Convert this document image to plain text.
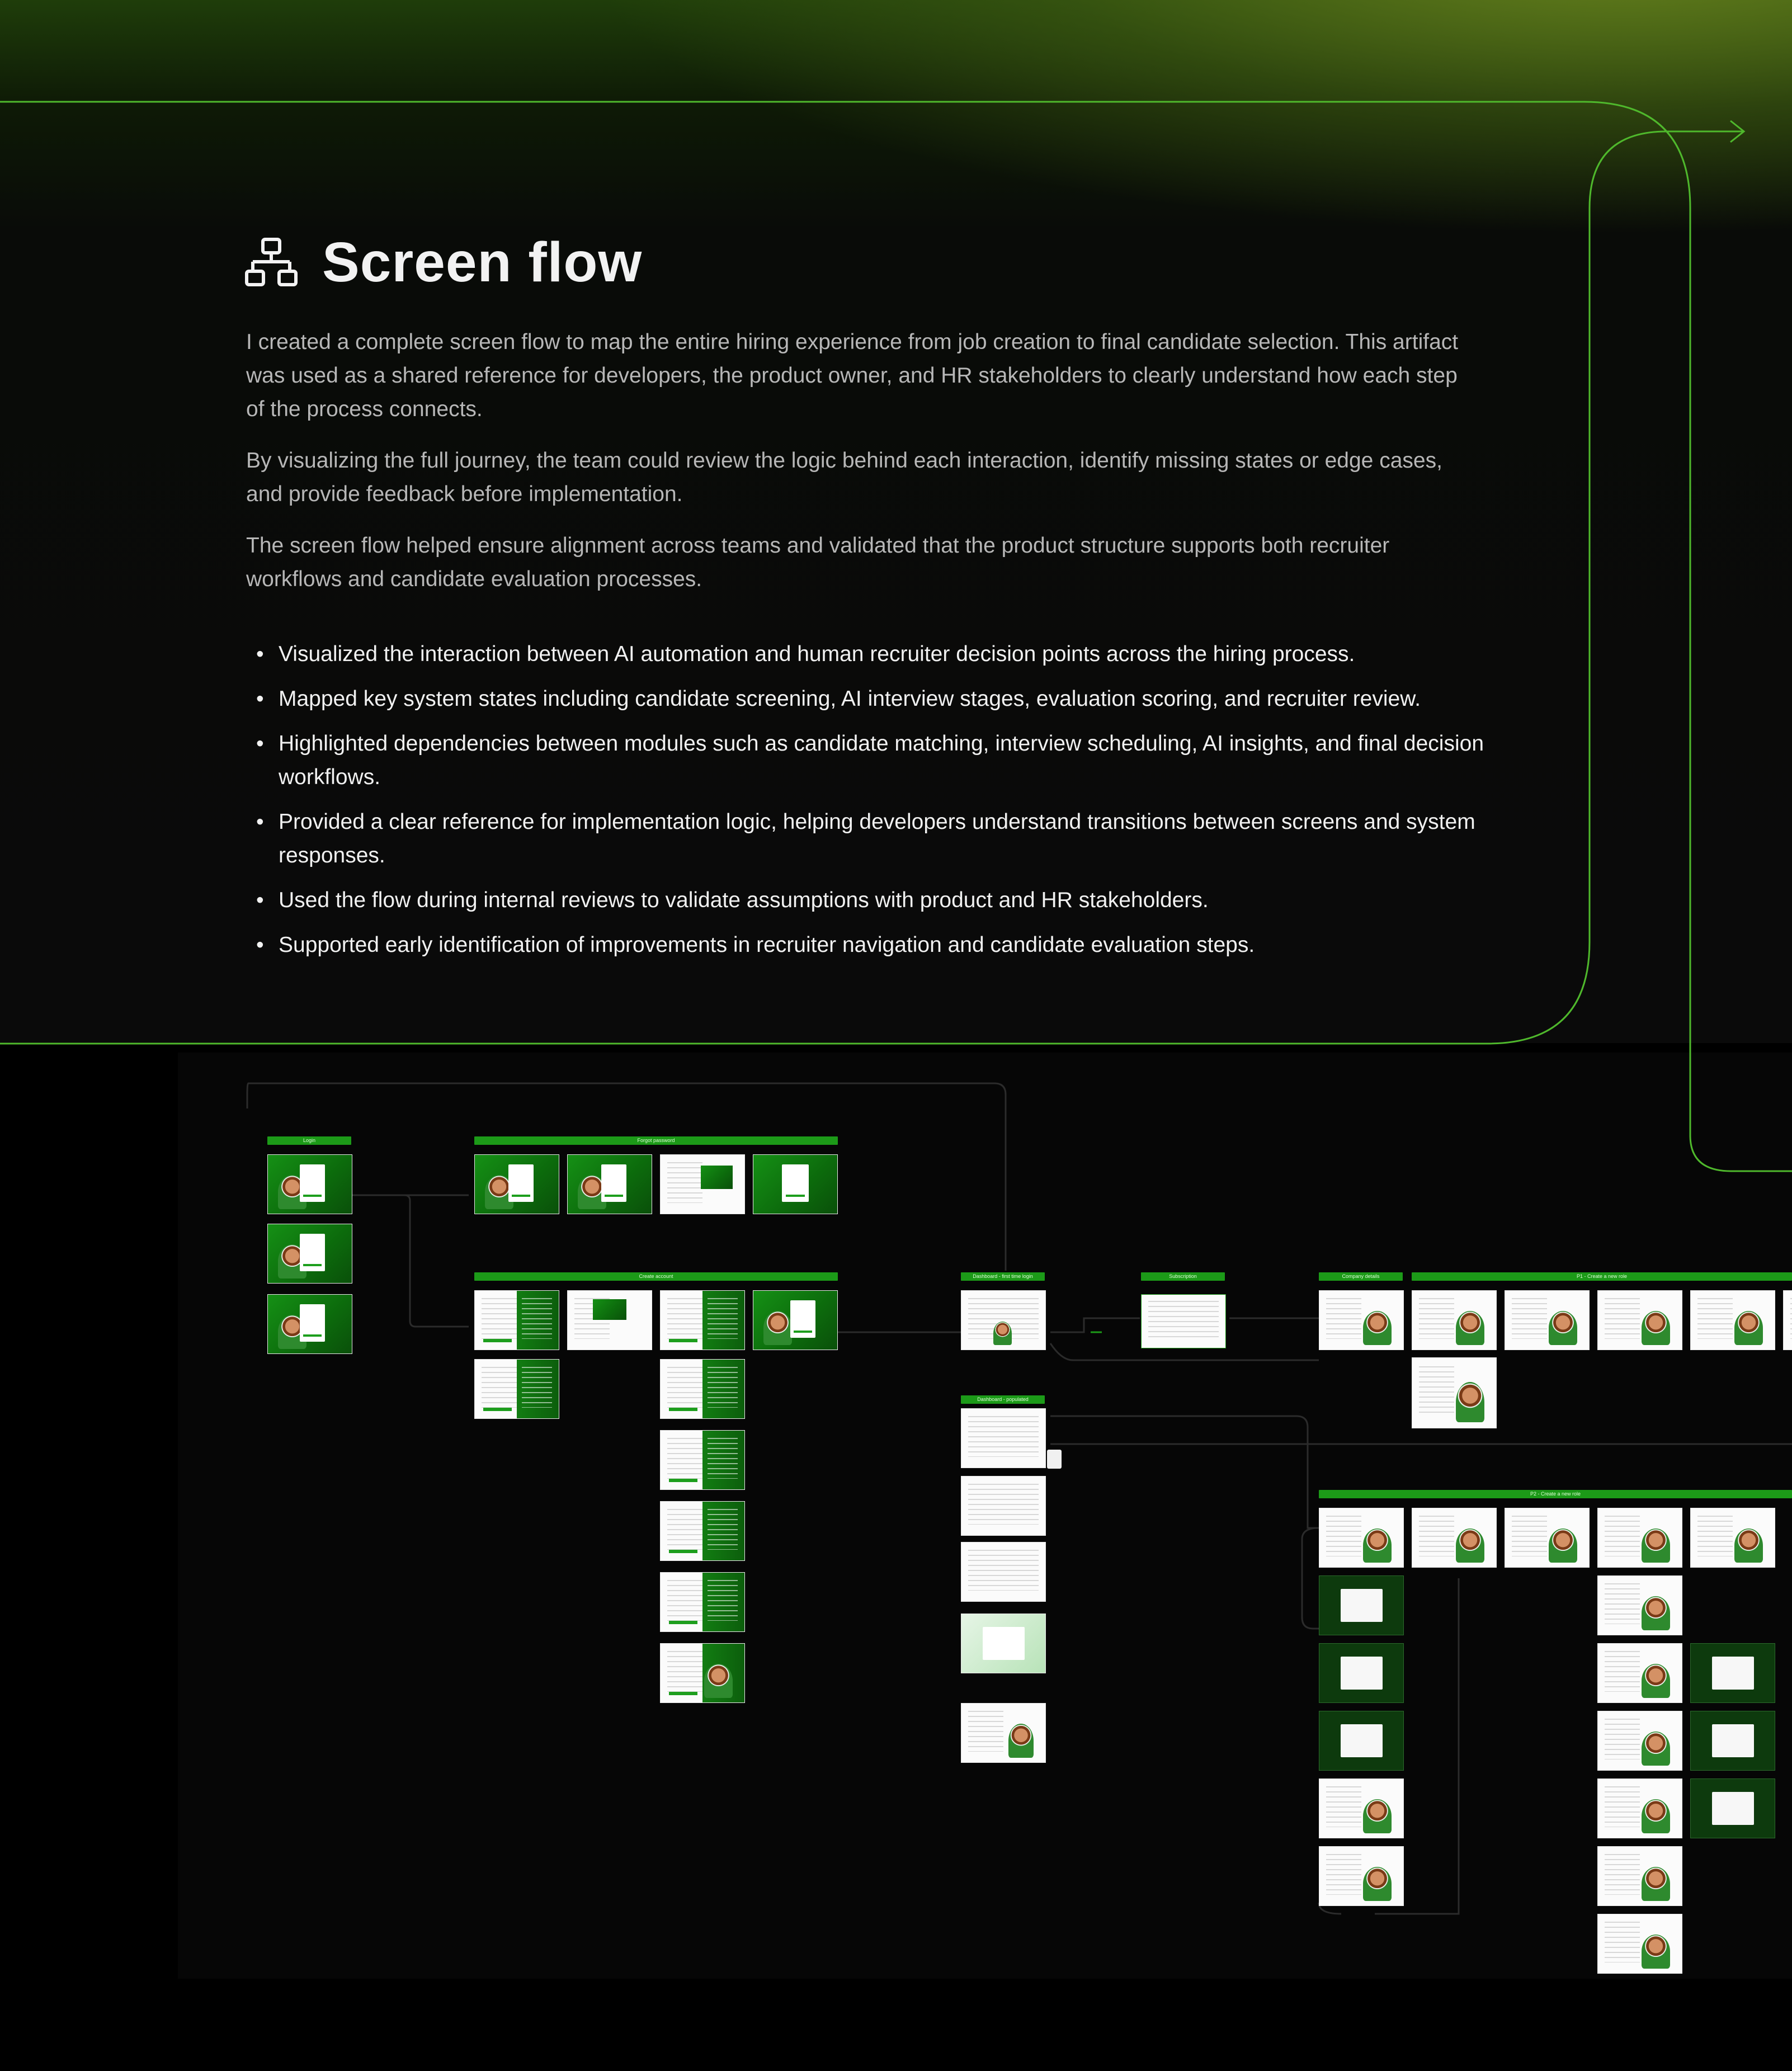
Screen flow

I created a complete screen flow to map the entire hiring experience from job creation to final candidate selection. This artifact was used as a shared reference for developers, the product owner, and HR stakeholders to clearly understand how each step of the process connects.

By visualizing the full journey, the team could review the logic behind each interaction, identify missing states or edge cases, and provide feedback before implementation.

The screen flow helped ensure alignment across teams and validated that the product structure supports both recruiter workflows and candidate evaluation processes.

• Visualized the interaction between AI automation and human recruiter decision points across the hiring process.
• Mapped key system states including candidate screening, AI interview stages, evaluation scoring, and recruiter review.
• Highlighted dependencies between modules such as candidate matching, interview scheduling, AI insights, and final decision workflows.
• Provided a clear reference for implementation logic, helping developers understand transitions between screens and system responses.
• Used the flow during internal reviews to validate assumptions with product and HR stakeholders.
• Supported early identification of improvements in recruiter navigation and candidate evaluation steps.
Login	Forgot password
Create account	Dashboard - first time login	Subscription	Company details	P1 - Create a new role
Dashboard - populated
P2 - Create a new role
